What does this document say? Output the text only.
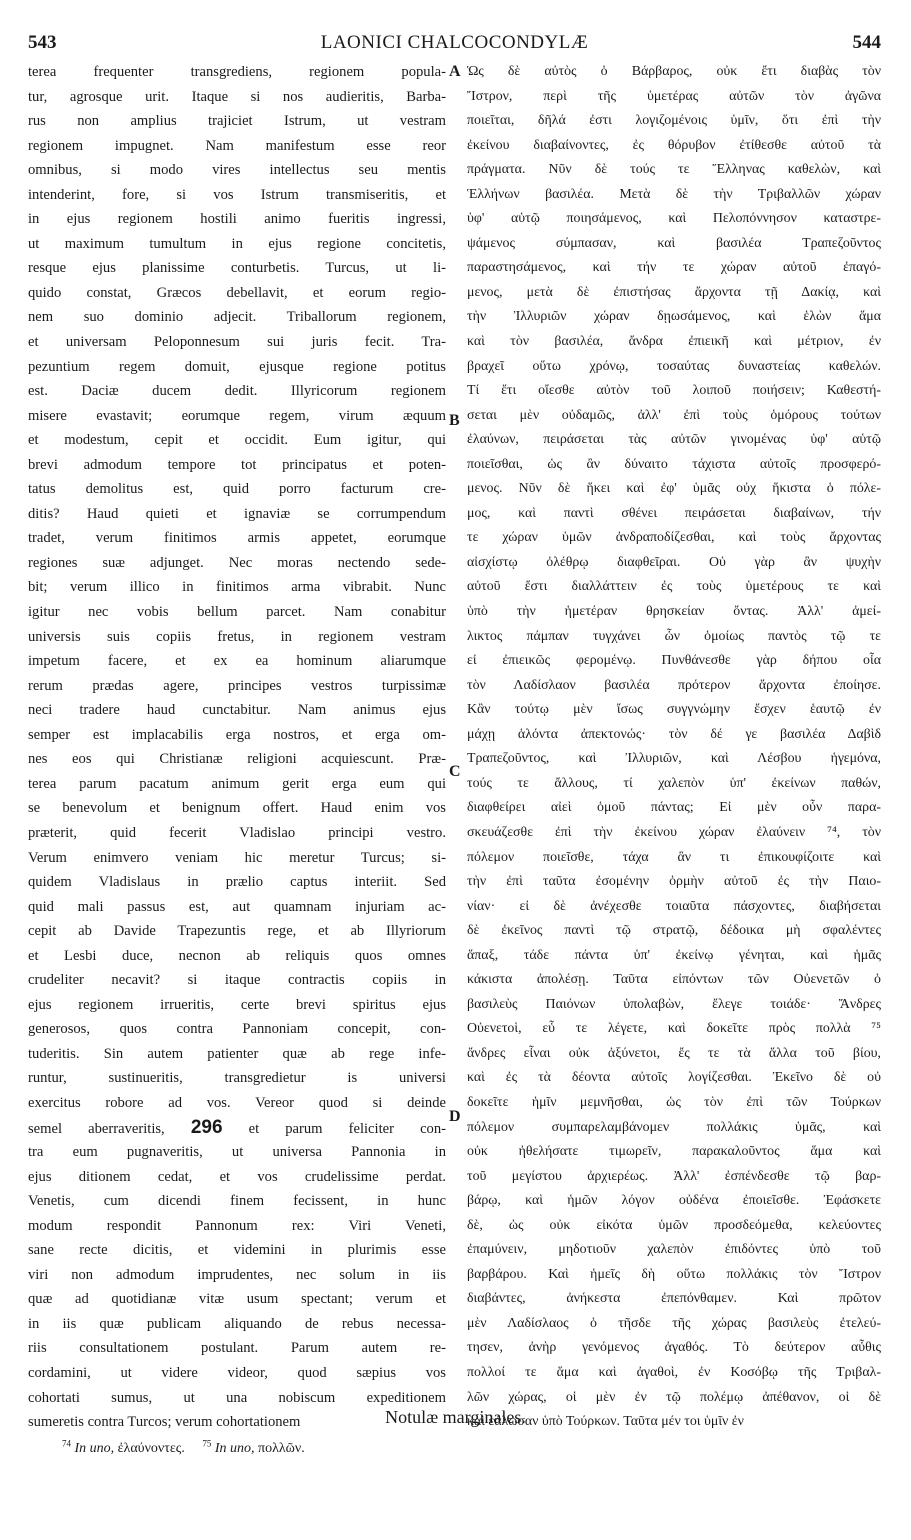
543	LAONICI CHALCOCONDYLÆ	544
terea frequenter transgrediens, regionem popula-
tur, agrosque urit. Itaque si nos audieritis, Barba-
rus non amplius trajiciet Istrum, ut vestram
regionem impugnet. Nam manifestum esse reor
omnibus, si modo vires intellectus seu mentis
intenderint, fore, si vos Istrum transmiseritis, et
in ejus regionem hostili animo fueritis ingressi,
ut maximum tumultum in ejus regione concitetis,
resque ejus planissime conturbetis. Turcus, ut li-
quido constat, Græcos debellavit, et eorum regio-
nem suo dominio adjecit. Triballorum regionem,
et universam Peloponnesum sui juris fecit. Tra-
pezuntium regem domuit, ejusque regione potitus
est. Daciæ ducem dedit. Illyricorum regionem
misere evastavit; eorumque regem, virum æquum
et modestum, cepit et occidit. Eum igitur, qui
brevi admodum tempore tot principatus et poten-
tatus demolitus est, quid porro facturum cre-
ditis? Haud quieti et ignaviæ se corrumpendum
tradet, verum finitimos armis appetet, eorumque
regiones suæ adjunget. Nec moras nectendo sede-
bit; verum illico in finitimos arma vibrabit. Nunc
igitur nec vobis bellum parcet. Nam conabitur
universis suis copiis fretus, in regionem vestram
impetum facere, et ex ea hominum aliarumque
rerum prædas agere, principes vestros turpissimæ
neci tradere haud cunctabitur. Nam animus ejus
semper est implacabilis erga nostros, et erga om-
nes eos qui Christianæ religioni acquiescunt. Præ-
terea parum pacatum animum gerit erga eum qui
se benevolum et benignum offert. Haud enim vos
præterit, quid fecerit Vladislao principi vestro.
Verum enimvero veniam hic meretur Turcus; si-
quidem Vladislaus in prælio captus interiit. Sed
quid mali passus est, aut quamnam injuriam ac-
cepit ab Davide Trapezuntis rege, et ab Illyriorum
et Lesbi duce, necnon ab reliquis quos omnes
crudeliter necavit? si itaque contractis copiis in
ejus regionem irrueritis, certe brevi spiritus ejus
generosos, quos contra Pannoniam concepit, con-
tuderitis. Sin autem patienter quæ ab rege infe-
runtur, sustinueritis, transgredietur is universi
exercitus robore ad vos. Vereor quod si deinde
semel aberraveritis, 296 et parum feliciter con-
tra eum pugnaveritis, ut universa Pannonia in
ejus ditionem cedat, et vos crudelissime perdat.
Venetis, cum dicendi finem fecissent, in hunc
modum respondit Pannonum rex: Viri Veneti,
sane recte dicitis, et videmini in plurimis esse
viri non admodum imprudentes, nec solum in iis
quæ ad quotidianæ vitæ usum spectant; verum et
in iis quæ publicam aliquando de rebus necessa-
riis consultationem postulant. Parum autem re-
cordamini, ut videre videor, quod sæpius vos
cohortati sumus, ut una nobiscum expeditionem
sumeretis contra Turcos; verum cohortationem
Ὡς δὲ αὐτὸς ὁ Βάρβαρος, οὐκ ἔτι διαβὰς τὸν
Ἴστρον, περὶ τῆς ὑμετέρας αὐτῶν τὸν ἀγῶνα
ποιεῖται, δῆλά ἐστι λογιζομένοις ὑμῖν, ὅτι ἐπὶ τὴν
ἐκείνου διαβαίνοντες, ἐς θόρυβον ἐτίθεσθε αὐτοῦ τὰ
πράγματα. Νῦν δὲ τούς τε Ἕλληνας καθελὼν, καὶ
Ἑλλήνων βασιλέα. Μετὰ δὲ τὴν Τριβαλλῶν χώραν
ὑφ' αὑτῷ ποιησάμενος, καὶ Πελοπόννησον καταστρε-
ψάμενος σύμπασαν, καὶ βασιλέα Τραπεζοῦντος
παραστησάμενος, καὶ τήν τε χώραν αὐτοῦ ἐπαγό-
μενος, μετὰ δὲ ἐπιστήσας ἄρχοντα τῇ Δακίᾳ, καὶ
τὴν Ἰλλυριῶν χώραν δῃωσάμενος, καὶ ἑλὼν ἅμα
καὶ τὸν βασιλέα, ἄνδρα ἐπιεικῆ καὶ μέτριον, ἐν
βραχεῖ οὕτω χρόνῳ, τοσαύτας δυναστείας καθελών.
Τί ἔτι οἴεσθε αὐτὸν τοῦ λοιποῦ ποιήσειν; Καθεστή-
σεται μὲν οὐδαμῶς, ἀλλ' ἐπὶ τοὺς ὁμόρους τούτων
ἐλαύνων, πειράσεται τὰς αὐτῶν γινομένας ὑφ' αὑτῷ
ποιεῖσθαι, ὡς ἂν δύναιτο τάχιστα αὐτοῖς προσφερό-
μενος. Νῦν δὲ ἥκει καὶ ἐφ' ὑμᾶς οὐχ ἥκιστα ὁ πόλε-
μος, καὶ παντὶ σθένει πειράσεται διαβαίνων, τήν
τε χώραν ὑμῶν ἀνδραποδίζεσθαι, καὶ τοὺς ἄρχοντας
αἰσχίστῳ ὀλέθρῳ διαφθεῖραι. Οὐ γὰρ ἂν ψυχὴν
αὐτοῦ ἔστι διαλλάττειν ἐς τοὺς ὑμετέρους τε καὶ
ὑπὸ τὴν ἡμετέραν θρησκείαν ὄντας. Ἀλλ' ἀμεί-
λικτος πάμπαν τυγχάνει ὧν ὁμοίως παντὸς τῷ τε
εἰ ἐπιεικῶς φερομένῳ. Πυνθάνεσθε γὰρ δήπου οἷα
τὸν Λαδίσλαον βασιλέα πρότερον ἄρχοντα ἐποίησε.
Κἂν τούτῳ μὲν ἴσως συγγνώμην ἔσχεν ἑαυτῷ ἐν
μάχῃ ἁλόντα ἀπεκτονώς· τὸν δέ γε βασιλέα Δαβὶδ
Τραπεζοῦντος, καὶ Ἰλλυριῶν, καὶ Λέσβου ἡγεμόνα,
τούς τε ἄλλους, τί χαλεπὸν ὑπ' ἐκείνων παθών,
διαφθείρει αἰεὶ ὁμοῦ πάντας; Εἰ μὲν οὖν παρα-
σκευάζεσθε ἐπὶ τὴν ἐκείνου χώραν ἐλαύνειν ⁷⁴, τὸν
πόλεμον ποιεῖσθε, τάχα ἂν τι ἐπικουφίζοιτε καὶ
τὴν ἐπὶ ταῦτα ἐσομένην ὁρμὴν αὐτοῦ ἐς τὴν Παιο-
νίαν· εἰ δὲ ἀνέχεσθε τοιαῦτα πάσχοντες, διαβήσεται
δὲ ἐκεῖνος παντὶ τῷ στρατῷ, δέδοικα μὴ σφαλέντες
ἅπαξ, τάδε πάντα ὑπ' ἐκείνῳ γένηται, καὶ ἡμᾶς
κάκιστα ἀπολέσῃ. Ταῦτα εἰπόντων τῶν Οὐενετῶν ὁ
βασιλεὺς Παιόνων ὑπολαβὼν, ἔλεγε τοιάδε· Ἄνδρες
Οὐενετοὶ, εὖ τε λέγετε, καὶ δοκεῖτε πρὸς πολλὰ ⁷⁵
ἄνδρες εἶναι οὐκ ἀξύνετοι, ἔς τε τὰ ἄλλα τοῦ βίου,
καὶ ἐς τὰ δέοντα αὐτοῖς λογίζεσθαι. Ἐκεῖνο δὲ οὐ
δοκεῖτε ἡμῖν μεμνῆσθαι, ὡς τὸν ἐπὶ τῶν Τούρκων
πόλεμον συμπαρελαμβάνομεν πολλάκις ὑμᾶς, καὶ
οὐκ ἠθελήσατε τιμωρεῖν, παρακαλοῦντος ἅμα καὶ
τοῦ μεγίστου ἀρχιερέως. Ἀλλ' ἐσπένδεσθε τῷ βαρ-
βάρῳ, καὶ ἡμῶν λόγον οὐδένα ἐποιεῖσθε. Ἐφάσκετε
δὲ, ὡς οὐκ εἰκότα ὑμῶν προσδεόμεθα, κελεύοντες
ἐπαμύνειν, μηδοτιοῦν χαλεπὸν ἐπιδόντες ὑπὸ τοῦ
βαρβάρου. Καὶ ἡμεῖς δὴ οὕτω πολλάκις τὸν Ἴστρον
διαβάντες, ἀνήκεστα ἐπεπόνθαμεν. Καὶ πρῶτον
μὲν Λαδίσλαος ὁ τῆσδε τῆς χώρας βασιλεὺς ἐτελεύ-
τησεν, ἀνὴρ γενόμενος ἀγαθός. Τὸ δεύτερον αὖθις
πολλοί τε ἅμα καὶ ἀγαθοὶ, ἐν Κοσόβῳ τῆς Τριβαλ-
λῶν χώρας, οἱ μὲν ἐν τῷ πολέμῳ ἀπέθανον, οἱ δὲ
καὶ ἑάλωσαν ὑπὸ Τούρκων. Ταῦτα μέν τοι ὑμῖν ἐν
A
B
C
D
Notulæ marginales.
$^{74}$ In uno, ἐλαύνοντες. $^{75}$ In uno, πολλῶν.
